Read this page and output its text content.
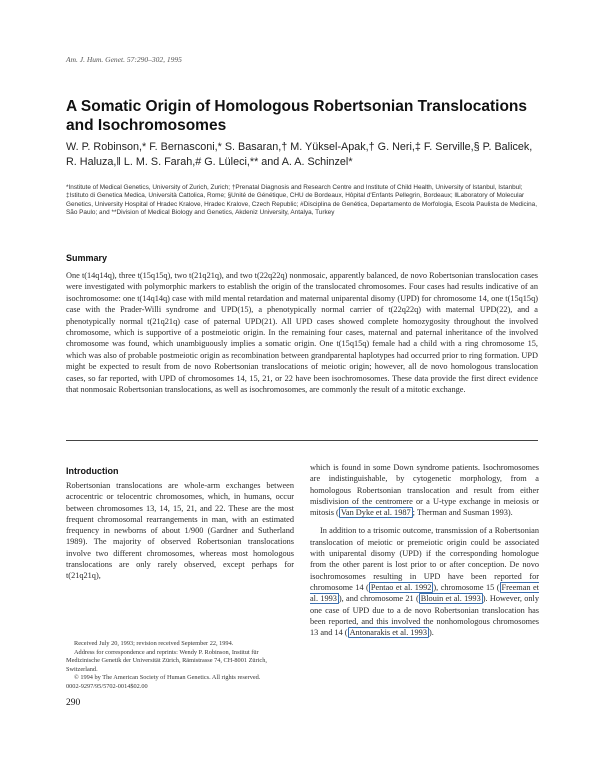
Am. J. Hum. Genet. 57:290–302, 1995
A Somatic Origin of Homologous Robertsonian Translocations and Isochromosomes
W. P. Robinson,* F. Bernasconi,* S. Basaran,† M. Yüksel-Apak,† G. Neri,‡ F. Serville,§ P. Balicek, R. Haluza,‖ L. M. S. Farah,# G. Lüleci,** and A. A. Schinzel*
*Institute of Medical Genetics, University of Zurich, Zurich; †Prenatal Diagnosis and Research Centre and Institute of Child Health, University of Istanbul, Istanbul; ‡Istituto di Genetica Medica, Università Cattolica, Rome; §Unité de Génétique, CHU de Bordeaux, Hôpital d'Enfants Pellegrin, Bordeaux; ‖Laboratory of Molecular Genetics, University Hospital of Hradec Kralove, Hradec Kralove, Czech Republic; #Disciplina de Genética, Departamento de Morfologia, Escola Paulista de Medicina, São Paulo; and **Division of Medical Biology and Genetics, Akdeniz University, Antalya, Turkey
Summary

One t(14q14q), three t(15q15q), two t(21q21q), and two t(22q22q) nonmosaic, apparently balanced, de novo Robertsonian translocation cases were investigated with polymorphic markers to establish the origin of the translocated chromosomes. Four cases had results indicative of an isochromosome: one t(14q14q) case with mild mental retardation and maternal uniparental disomy (UPD) for chromosome 14, one t(15q15q) case with the Prader-Willi syndrome and UPD(15), a phenotypically normal carrier of t(22q22q) with maternal UPD(22), and a phenotypically normal t(21q21q) case of paternal UPD(21). All UPD cases showed complete homozygosity throughout the involved chromosome, which is supportive of a postmeiotic origin. In the remaining four cases, maternal and paternal inheritance of the involved chromosome was found, which unambiguously implies a somatic origin. One t(15q15q) female had a child with a ring chromosome 15, which was also of probable postmeiotic origin as recombination between grandparental haplotypes had occurred prior to ring formation. UPD might be expected to result from de novo Robertsonian translocations of meiotic origin; however, all de novo homologous translocation cases, so far reported, with UPD of chromosomes 14, 15, 21, or 22 have been isochromosomes. These data provide the first direct evidence that nonmosaic Robertsonian translocations, as well as isochromosomes, are commonly the result of a mitotic exchange.

Introduction

Robertsonian translocations are whole-arm exchanges between acrocentric or telocentric chromosomes, which, in humans, occur between chromosomes 13, 14, 15, 21, and 22. These are the most frequent chromosomal rearrangements in man, with an estimated frequency in newborns of about 1/900 (Gardner and Sutherland 1989). The majority of observed Robertsonian translocations involve two different chromosomes, whereas most homologous translocations are only rarely observed, except perhaps for t(21q21q),

which is found in some Down syndrome patients. Isochromosomes are indistinguishable, by cytogenetic morphology, from a homologous Robertsonian translocation and result from either misdivision of the centromere or a U-type exchange in meiosis or mitosis ( Van Dyke et al. 1987 ; Therman and Susman 1993).

In addition to a trisomic outcome, transmission of a Robertsonian translocation of meiotic or premeiotic origin could be associated with uniparental disomy (UPD) if the corresponding homologue from the other parent is lost prior to or after conception. De novo isochromosomes resulting in UPD have been reported for chromosome 14 ( Pentao et al. 1992 ), chromosome 15 ( Freeman et al. 1993 ), and chromosome 21 ( Blouin et al. 1993 ). However, only one case of UPD due to a de novo Robertsonian translocation has been reported, and this involved the nonhomologous chromosomes 13 and 14 ( Antonarakis et al. 1993 ).

Received July 20, 1993; revision received September 22, 1994.

Address for correspondence and reprints: Wendy P. Robinson, Institut für Medizinische Genetik der Universität Zürich, Rämistrasse 74, CH-8001 Zürich, Switzerland.

© 1994 by The American Society of Human Genetics. All rights reserved.

0002-9297/95/5702-0014$02.00

290
